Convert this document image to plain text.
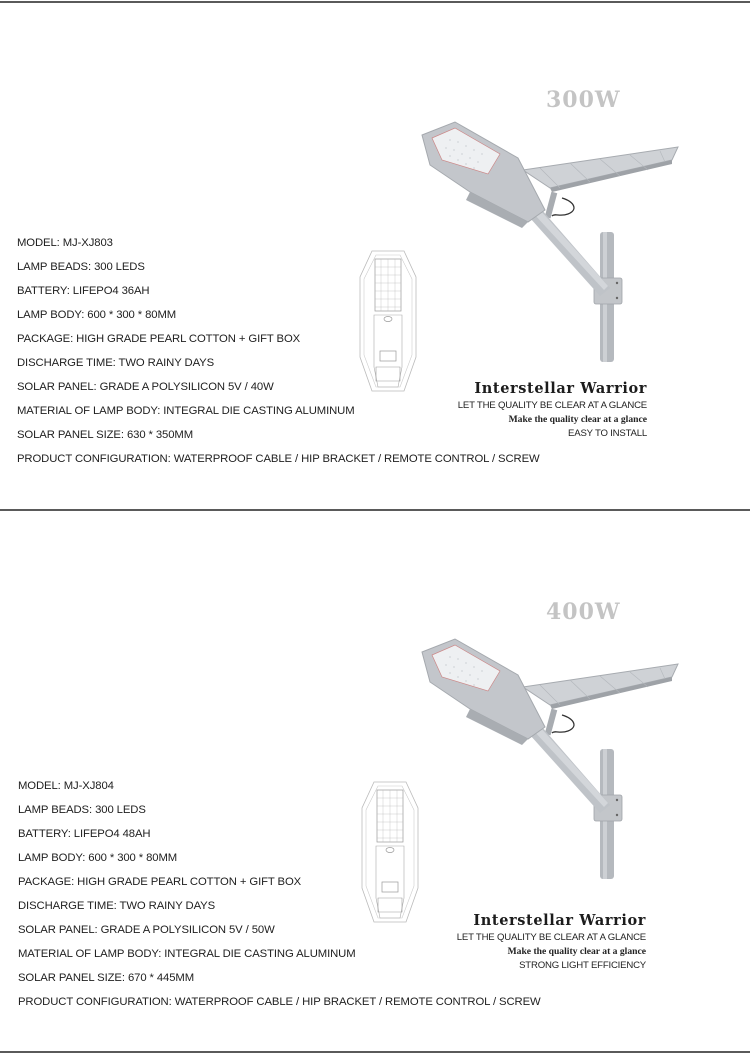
300W
MODEL: MJ-XJ803
LAMP BEADS: 300 LEDS
BATTERY: LIFEPO4 36AH
LAMP BODY: 600 * 300 * 80MM
PACKAGE: HIGH GRADE PEARL COTTON + GIFT BOX
DISCHARGE TIME: TWO RAINY DAYS
SOLAR PANEL: GRADE A POLYSILICON 5V / 40W
MATERIAL OF LAMP BODY: INTEGRAL DIE CASTING ALUMINUM
SOLAR PANEL SIZE: 630 * 350MM
PRODUCT CONFIGURATION: WATERPROOF CABLE / HIP BRACKET / REMOTE CONTROL / SCREW
Interstellar Warrior
LET THE QUALITY BE CLEAR AT A GLANCE
Make the quality clear at a glance
EASY TO INSTALL
400W
MODEL: MJ-XJ804
LAMP BEADS: 300 LEDS
BATTERY: LIFEPO4 48AH
LAMP BODY: 600 * 300 * 80MM
PACKAGE: HIGH GRADE PEARL COTTON + GIFT BOX
DISCHARGE TIME: TWO RAINY DAYS
SOLAR PANEL: GRADE A POLYSILICON 5V / 50W
MATERIAL OF LAMP BODY: INTEGRAL DIE CASTING ALUMINUM
SOLAR PANEL SIZE: 670 * 445MM
PRODUCT CONFIGURATION: WATERPROOF CABLE / HIP BRACKET / REMOTE CONTROL / SCREW
Interstellar Warrior
LET THE QUALITY BE CLEAR AT A GLANCE
Make the quality clear at a glance
STRONG LIGHT EFFICIENCY
